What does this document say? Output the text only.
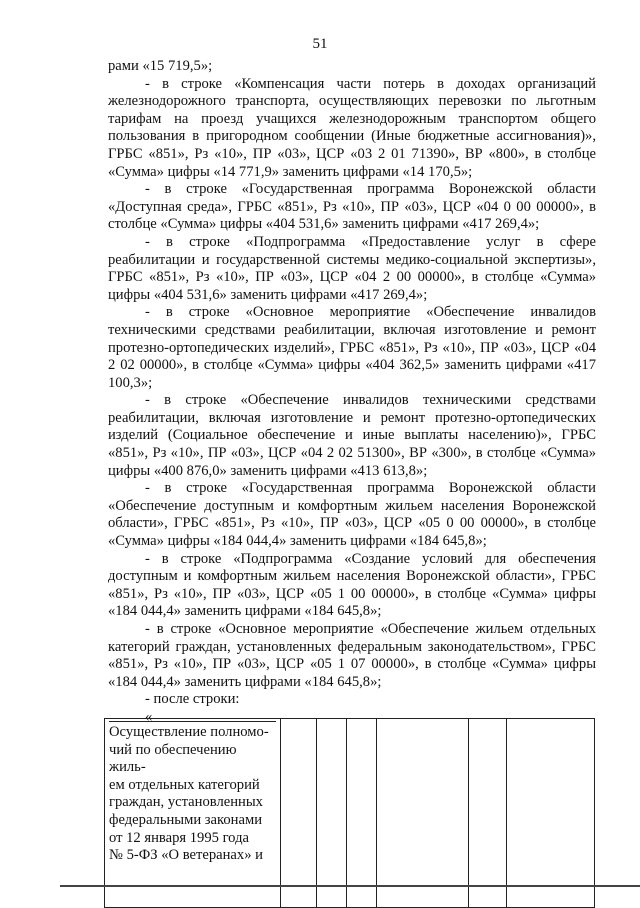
51

рами «15 719,5»;

- в строке «Компенсация части потерь в доходах организаций железнодорожного транспорта, осуществляющих перевозки по льготным тарифам на проезд учащихся железнодорожным транспортом общего пользования в пригородном сообщении (Иные бюджетные ассигнования)», ГРБС «851», Рз «10», ПР «03», ЦСР «03 2 01 71390», ВР «800», в столбце «Сумма» цифры «14 771,9» заменить цифрами «14 170,5»;

- в строке «Государственная программа Воронежской области «Доступная среда», ГРБС «851», Рз «10», ПР «03», ЦСР «04 0 00 00000», в столбце «Сумма» цифры «404 531,6» заменить цифрами «417 269,4»;

- в строке «Подпрограмма «Предоставление услуг в сфере реабилитации и государственной системы медико-социальной экспертизы», ГРБС «851», Рз «10», ПР «03», ЦСР «04 2 00 00000», в столбце «Сумма» цифры «404 531,6» заменить цифрами «417 269,4»;

- в строке «Основное мероприятие «Обеспечение инвалидов техническими средствами реабилитации, включая изготовление и ремонт протезно-ортопедических изделий», ГРБС «851», Рз «10», ПР «03», ЦСР «04 2 02 00000», в столбце «Сумма» цифры «404 362,5» заменить цифрами «417 100,3»;

- в строке «Обеспечение инвалидов техническими средствами реабилитации, включая изготовление и ремонт протезно-ортопедических изделий (Социальное обеспечение и иные выплаты населению)», ГРБС «851», Рз «10», ПР «03», ЦСР «04 2 02 51300», ВР «300», в столбце «Сумма» цифры «400 876,0» заменить цифрами «413 613,8»;

- в строке «Государственная программа Воронежской области «Обеспечение доступным и комфортным жильем населения Воронежской области», ГРБС «851», Рз «10», ПР «03», ЦСР «05 0 00 00000», в столбце «Сумма» цифры «184 044,4» заменить цифрами «184 645,8»;

- в строке «Подпрограмма «Создание условий для обеспечения доступным и комфортным жильем населения Воронежской области», ГРБС «851», Рз «10», ПР «03», ЦСР «05 1 00 00000», в столбце «Сумма» цифры «184 044,4» заменить цифрами «184 645,8»;

- в строке «Основное мероприятие «Обеспечение жильем отдельных категорий граждан, установленных федеральным законодательством», ГРБС «851», Рз «10», ПР «03», ЦСР «05 1 07 00000», в столбце «Сумма» цифры «184 044,4» заменить цифрами «184 645,8»;

- после строки:

«

Осуществление полномо-
чий по обеспечению жиль-
ем отдельных категорий
граждан, установленных
федеральными законами
от 12 января 1995 года
№ 5-ФЗ «О ветеранах» и
